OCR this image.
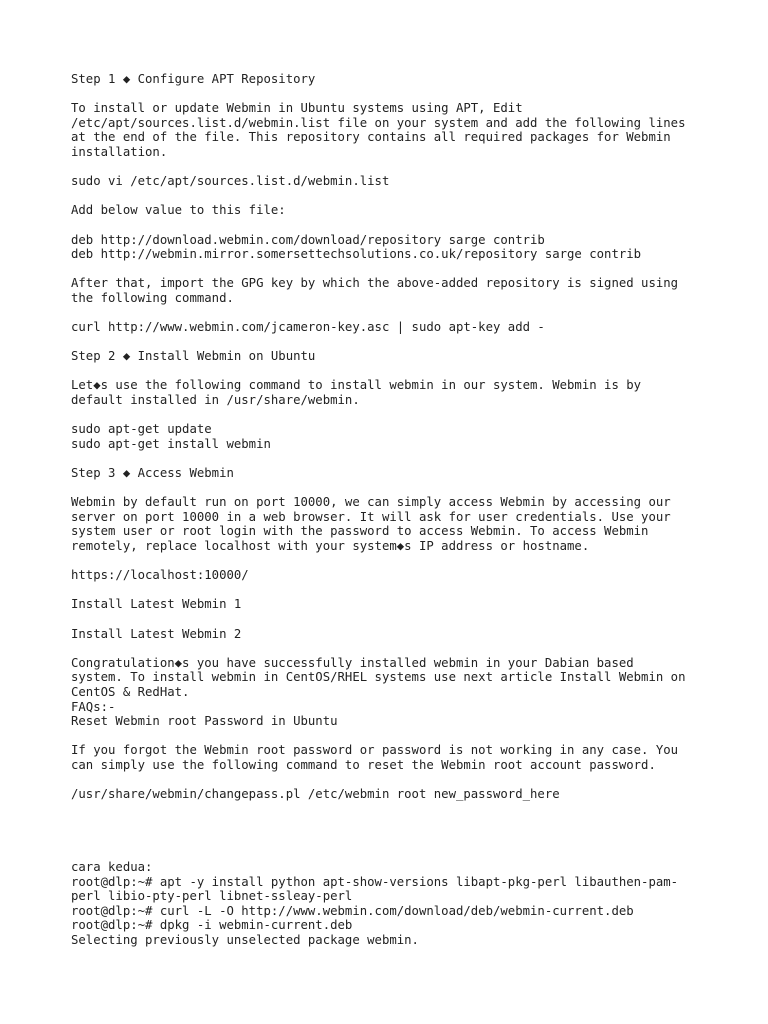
Step 1 ◆ Configure APT Repository
To install or update Webmin in Ubuntu systems using APT, Edit
/etc/apt/sources.list.d/webmin.list file on your system and add the following lines
at the end of the file. This repository contains all required packages for Webmin
installation.
sudo vi /etc/apt/sources.list.d/webmin.list
Add below value to this file:
deb http://download.webmin.com/download/repository sarge contrib
deb http://webmin.mirror.somersettechsolutions.co.uk/repository sarge contrib
After that, import the GPG key by which the above-added repository is signed using
the following command.
curl http://www.webmin.com/jcameron-key.asc | sudo apt-key add -
Step 2 ◆ Install Webmin on Ubuntu
Let◆s use the following command to install webmin in our system. Webmin is by
default installed in /usr/share/webmin.
sudo apt-get update
sudo apt-get install webmin
Step 3 ◆ Access Webmin
Webmin by default run on port 10000, we can simply access Webmin by accessing our
server on port 10000 in a web browser. It will ask for user credentials. Use your
system user or root login with the password to access Webmin. To access Webmin
remotely, replace localhost with your system◆s IP address or hostname.
https://localhost:10000/
Install Latest Webmin 1
Install Latest Webmin 2
Congratulation◆s you have successfully installed webmin in your Dabian based
system. To install webmin in CentOS/RHEL systems use next article Install Webmin on
CentOS & RedHat.
FAQs:-
Reset Webmin root Password in Ubuntu
If you forgot the Webmin root password or password is not working in any case. You
can simply use the following command to reset the Webmin root account password.
/usr/share/webmin/changepass.pl /etc/webmin root new_password_here
cara kedua:
root@dlp:~# apt -y install python apt-show-versions libapt-pkg-perl libauthen-pam-
perl libio-pty-perl libnet-ssleay-perl
root@dlp:~# curl -L -O http://www.webmin.com/download/deb/webmin-current.deb
root@dlp:~# dpkg -i webmin-current.deb
Selecting previously unselected package webmin.
